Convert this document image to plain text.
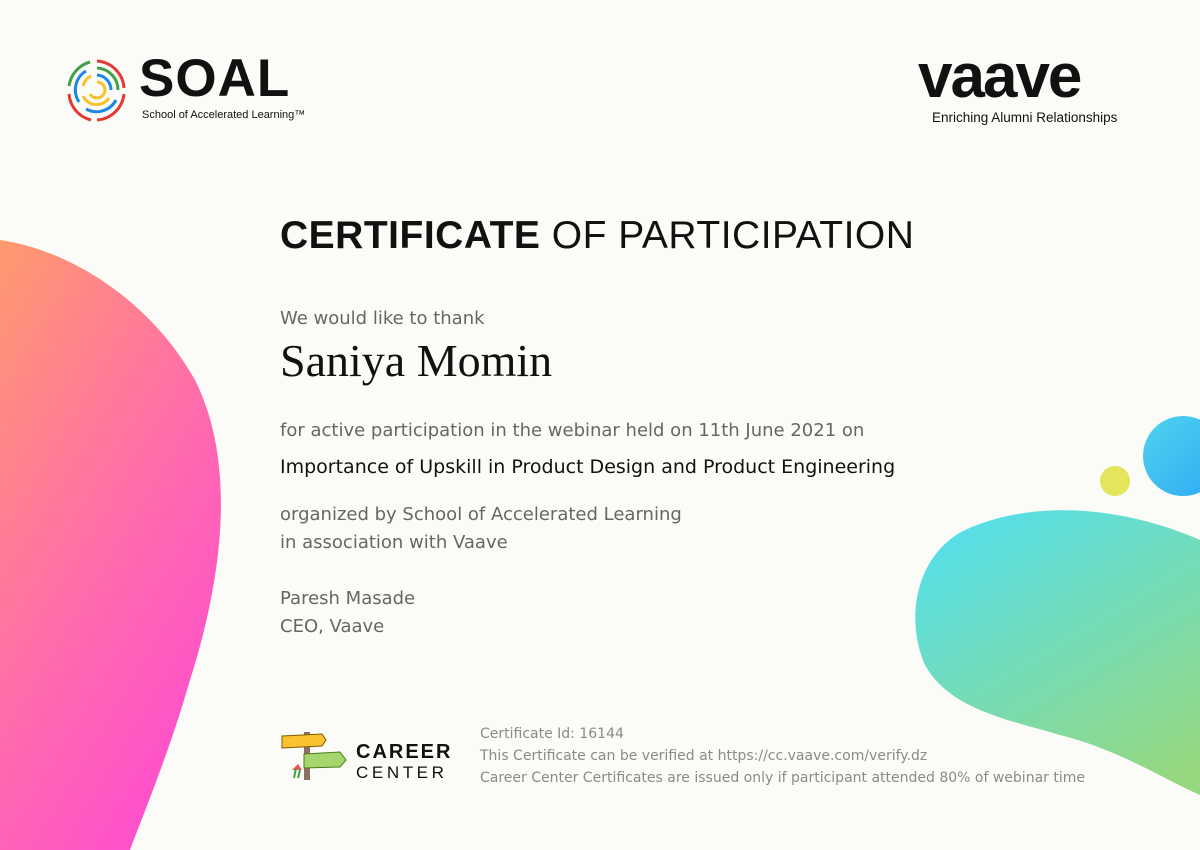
SOAL
School of Accelerated Learning™
vaave
Enriching Alumni Relationships
CERTIFICATE OF PARTICIPATION
We would like to thank
Saniya Momin
for active participation in the webinar held on 11th June 2021 on
Importance of Upskill in Product Design and Product Engineering
organized by School of Accelerated Learning
in association with Vaave
Paresh Masade
CEO, Vaave
CAREER
CENTER
Certificate Id: 16144
This Certificate can be verified at https://cc.vaave.com/verify.dz
Career Center Certificates are issued only if participant attended 80% of webinar time
